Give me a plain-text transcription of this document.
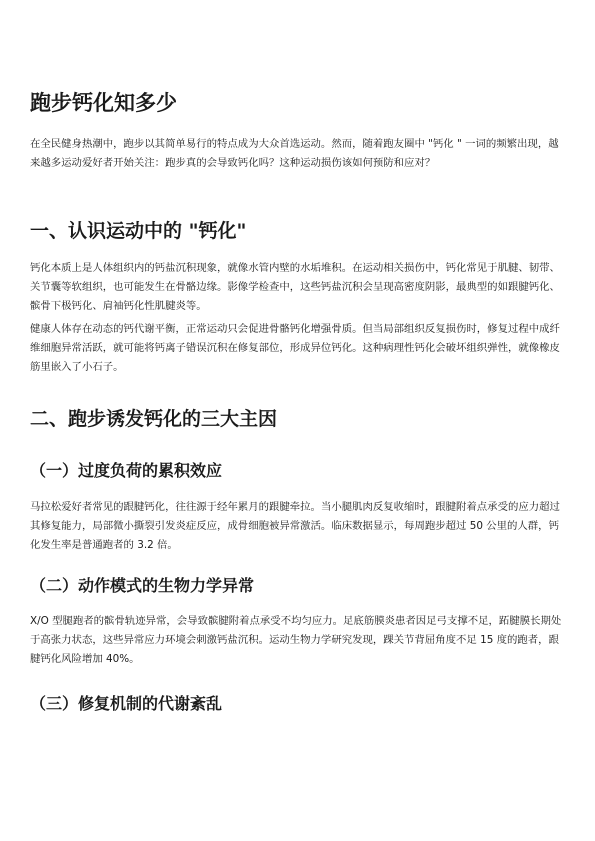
跑步钙化知多少

在全民健身热潮中，跑步以其简单易行的特点成为大众首选运动。然而，随着跑友圈中 "钙化 " 一词的频繁出现，越来越多运动爱好者开始关注：跑步真的会导致钙化吗？这种运动损伤该如何预防和应对？

一、认识运动中的 "钙化"

钙化本质上是人体组织内的钙盐沉积现象，就像水管内壁的水垢堆积。在运动相关损伤中，钙化常见于肌腱、韧带、关节囊等软组织，也可能发生在骨骼边缘。影像学检查中，这些钙盐沉积会呈现高密度阴影，最典型的如跟腱钙化、髌骨下极钙化、肩袖钙化性肌腱炎等。

健康人体存在动态的钙代谢平衡，正常运动只会促进骨骼钙化增强骨质。但当局部组织反复损伤时，修复过程中成纤维细胞异常活跃，就可能将钙离子错误沉积在修复部位，形成异位钙化。这种病理性钙化会破坏组织弹性，就像橡皮筋里嵌入了小石子。

二、跑步诱发钙化的三大主因
（一）过度负荷的累积效应

马拉松爱好者常见的跟腱钙化，往往源于经年累月的跟腱牵拉。当小腿肌肉反复收缩时，跟腱附着点承受的应力超过其修复能力，局部微小撕裂引发炎症反应，成骨细胞被异常激活。临床数据显示，每周跑步超过 50 公里的人群，钙化发生率是普通跑者的 3.2 倍。

（二）动作模式的生物力学异常

X/O 型腿跑者的髌骨轨迹异常，会导致髌腱附着点承受不均匀应力。足底筋膜炎患者因足弓支撑不足，跖腱膜长期处于高张力状态，这些异常应力环境会刺激钙盐沉积。运动生物力学研究发现，踝关节背屈角度不足 15 度的跑者，跟腱钙化风险增加 40%。

（三）修复机制的代谢紊乱
